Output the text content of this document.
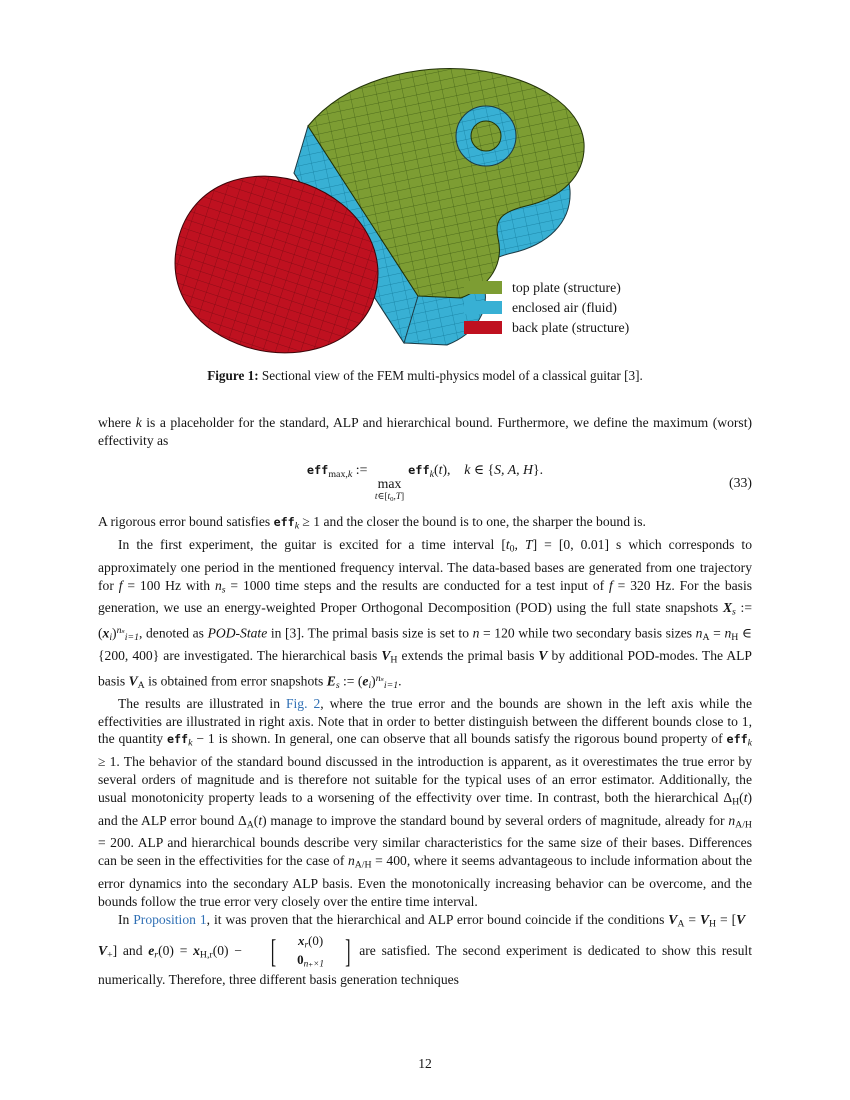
top plate (structure)
enclosed air (fluid)
back plate (structure)
Figure 1: Sectional view of the FEM multi-physics model of a classical guitar [3].

where k is a placeholder for the standard, ALP and hierarchical bound. Furthermore, we define the maximum (worst) effectivity as

eff$_{max,k}$ :=
max
$t\in[t_0,T]$
eff$_k$(t),  k ∈ {S, A, H}.
(33)

A rigorous error bound satisfies eff$_k$ ≥ 1 and the closer the bound is to one, the sharper the bound is.

In the first experiment, the guitar is excited for a time interval [$t_0$, T] = [0, 0.01] s which corresponds to approximately one period in the mentioned frequency interval. The data-based bases are generated from one trajectory for f = 100 Hz with $n_s = 1000$ time steps and the results are conducted for a test input of f = 320 Hz. For the basis generation, we use an energy-weighted Proper Orthogonal Decomposition (POD) using the full state snapshots $X_s$ := $(x_i)^{n_s}_{i=1}$, denoted as POD-State in [3]. The primal basis size is set to n = 120 while two secondary basis sizes $n_A = n_H$ ∈ {200, 400} are investigated. The hierarchical basis $V_H$ extends the primal basis V by additional POD-modes. The ALP basis $V_A$ is obtained from error snapshots $E_s$ := $(e_i)^{n_s}_{i=1}$.

The results are illustrated in Fig. 2, where the true error and the bounds are shown in the left axis while the effectivities are illustrated in right axis. Note that in order to better distinguish between the different bounds close to 1, the quantity eff$_k$ − 1 is shown. In general, one can observe that all bounds satisfy the rigorous bound property of eff$_k$ ≥ 1. The behavior of the standard bound discussed in the introduction is apparent, as it overestimates the true error by several orders of magnitude and is therefore not suitable for the typical uses of an error estimator. Additionally, the usual monotonicity property leads to a worsening of the effectivity over time. In contrast, both the hierarchical $\Delta_H(t)$ and the ALP error bound $\Delta_A(t)$ manage to improve the standard bound by several orders of magnitude, already for $n_{A/H} = 200$. ALP and hierarchical bounds describe very similar characteristics for the same size of their bases. Differences can be seen in the effectivities for the case of $n_{A/H} = 400$, where it seems advantageous to include information about the error dynamics into the secondary ALP basis. Even the monotonically increasing behavior can be overcome, and the bounds follow the true error very closely over the entire time interval.

In Proposition 1, it was proven that the hierarchical and ALP error bound coincide if the conditions $V_A = V_H = [V$ $V_+$] and $e_r(0) = x_{H,r}(0)$ −	[	$x_r(0)$
$0_{n_+\times 1}$	] are satisfied. The second experiment is dedicated to show this result numerically. Therefore, three different basis generation techniques

12
